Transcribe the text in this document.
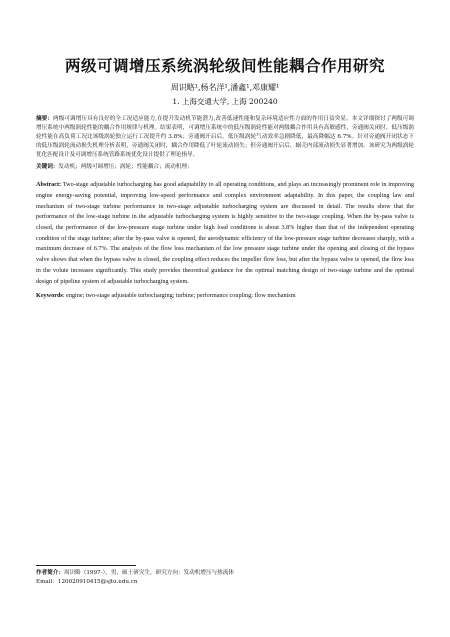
两级可调增压系统涡轮级间性能耦合作用研究
周识略¹,杨名洋¹,潘鑫¹,邓康耀¹
1. 上海交通大学, 上海 200240

摘要：两级可调增压具有良好的全工况适应能力,在提升发动机节能潜力,改善低速性能和复杂环境适应性方面的作用日益突显。本文详细探讨了两级可调增压系统中两级涡轮性能的耦合作用规律与机理。结果表明，可调增压系统中的低压级涡轮性能对两级耦合作用具有高敏感性，旁通阀关闭时，低压级涡轮性能在高负荷工况比该级涡轮独立运行工况提升约 3.8%；旁通阀开启后，低压级涡轮气动效率急剧降低，最高降幅达 6.7%。针对旁通阀开闭状态下的低压级涡轮流动损失机理分析表明，旁通阀关闭时，耦合作用降低了叶轮流动损失；但旁通阀开启后，蜗壳内部流动损失显著增加。该研究为两级涡轮优化匹配设计及可调增压系统管路系统优化设计提供了理论指导。

关键词：发动机；两级可调增压；涡轮；性能耦合；流动机理；

Abstract: Two-stage adjustable turbocharging has good adaptability to all operating conditions, and plays an increasingly prominent role in improving engine energy-saving potential, improving low-speed performance and complex environment adaptability. In this paper, the coupling law and mechanism of two-stage turbine performance in two-stage adjustable turbocharging system are discussed in detail. The results show that the performance of the low-stage turbine in the adjustable turbocharging system is highly sensitive to the two-stage coupling. When the by-pass valve is closed, the performance of the low-pressure stage turbine under high load conditions is about 3.8% higher than that of the independent operating condition of the stage turbine; after the by-pass valve is opened, the aerodynamic efficiency of the low-pressure stage turbine decreases sharply, with a maximum decrease of 6.7%. The analysis of the flow loss mechanism of the low pressure stage turbine under the opening and closing of the bypass valve shows that when the bypass valve is closed, the coupling effect reduces the impeller flow loss, but after the bypass valve is opened, the flow loss in the volute increases significantly. This study provides theoretical guidance for the optimal matching design of two-stage turbine and the optimal design of pipeline system of adjustable turbocharging system.

Keywords: engine; two-stage adjustable turbocharging; turbine; performance coupling; flow mechanism

作者简介：周识略（1997-），男，硕士研究生，研究方向：发动机增压与热流体

Email：120020910415@sjtu.edu.cn
